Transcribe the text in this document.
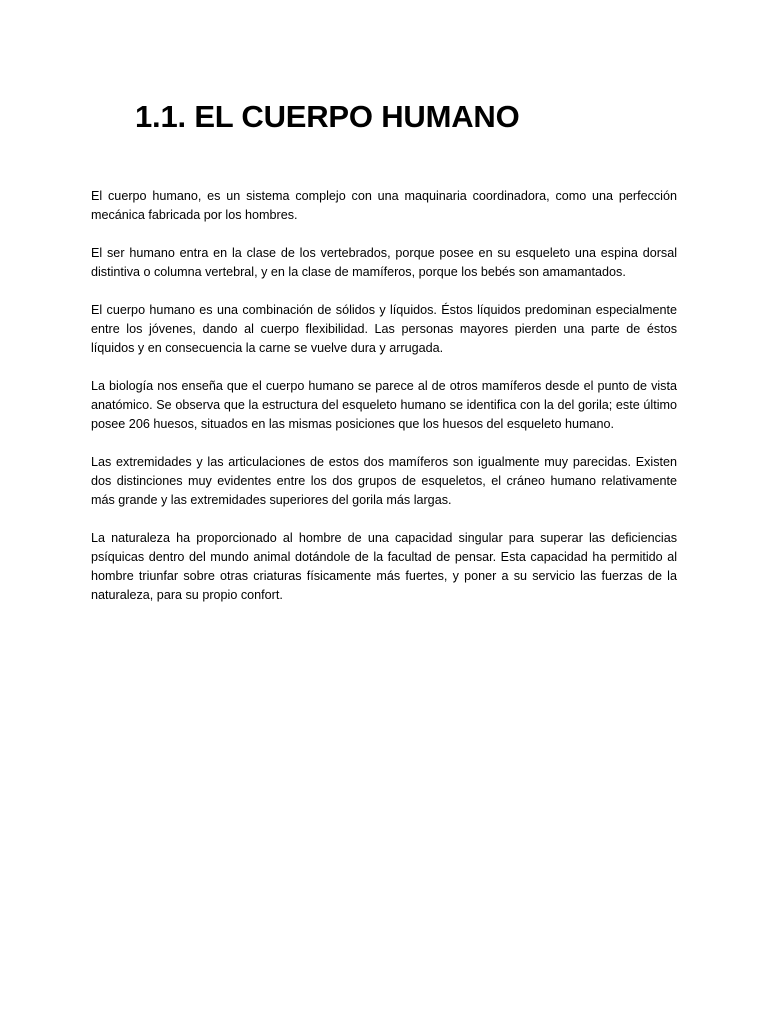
1.1. EL CUERPO HUMANO

El cuerpo humano, es un sistema complejo con una maquinaria coordinadora, como una perfección mecánica fabricada por los hombres.

El ser humano entra en la clase de los vertebrados, porque posee en su esqueleto una espina dorsal distintiva o columna vertebral, y en la clase de mamíferos, porque los bebés son amamantados.

El cuerpo humano es una combinación de sólidos y líquidos. Éstos líquidos predominan especialmente entre los jóvenes, dando al cuerpo flexibilidad. Las personas mayores pierden una parte de éstos líquidos y en consecuencia la carne se vuelve dura y arrugada.

La biología nos enseña que el cuerpo humano se parece al de otros mamíferos desde el punto de vista anatómico. Se observa que la estructura del esqueleto humano se identifica con la del gorila; este último posee 206 huesos, situados en las mismas posiciones que los huesos del esqueleto humano.

Las extremidades y las articulaciones de estos dos mamíferos son igualmente muy parecidas. Existen dos distinciones muy evidentes entre los dos grupos de esqueletos, el cráneo humano relativamente más grande y las extremidades superiores del gorila más largas.

La naturaleza ha proporcionado al hombre de una capacidad singular para superar las deficiencias psíquicas dentro del mundo animal dotándole de la facultad de pensar. Esta capacidad ha permitido al hombre triunfar sobre otras criaturas físicamente más fuertes, y poner a su servicio las fuerzas de la naturaleza, para su propio confort.
